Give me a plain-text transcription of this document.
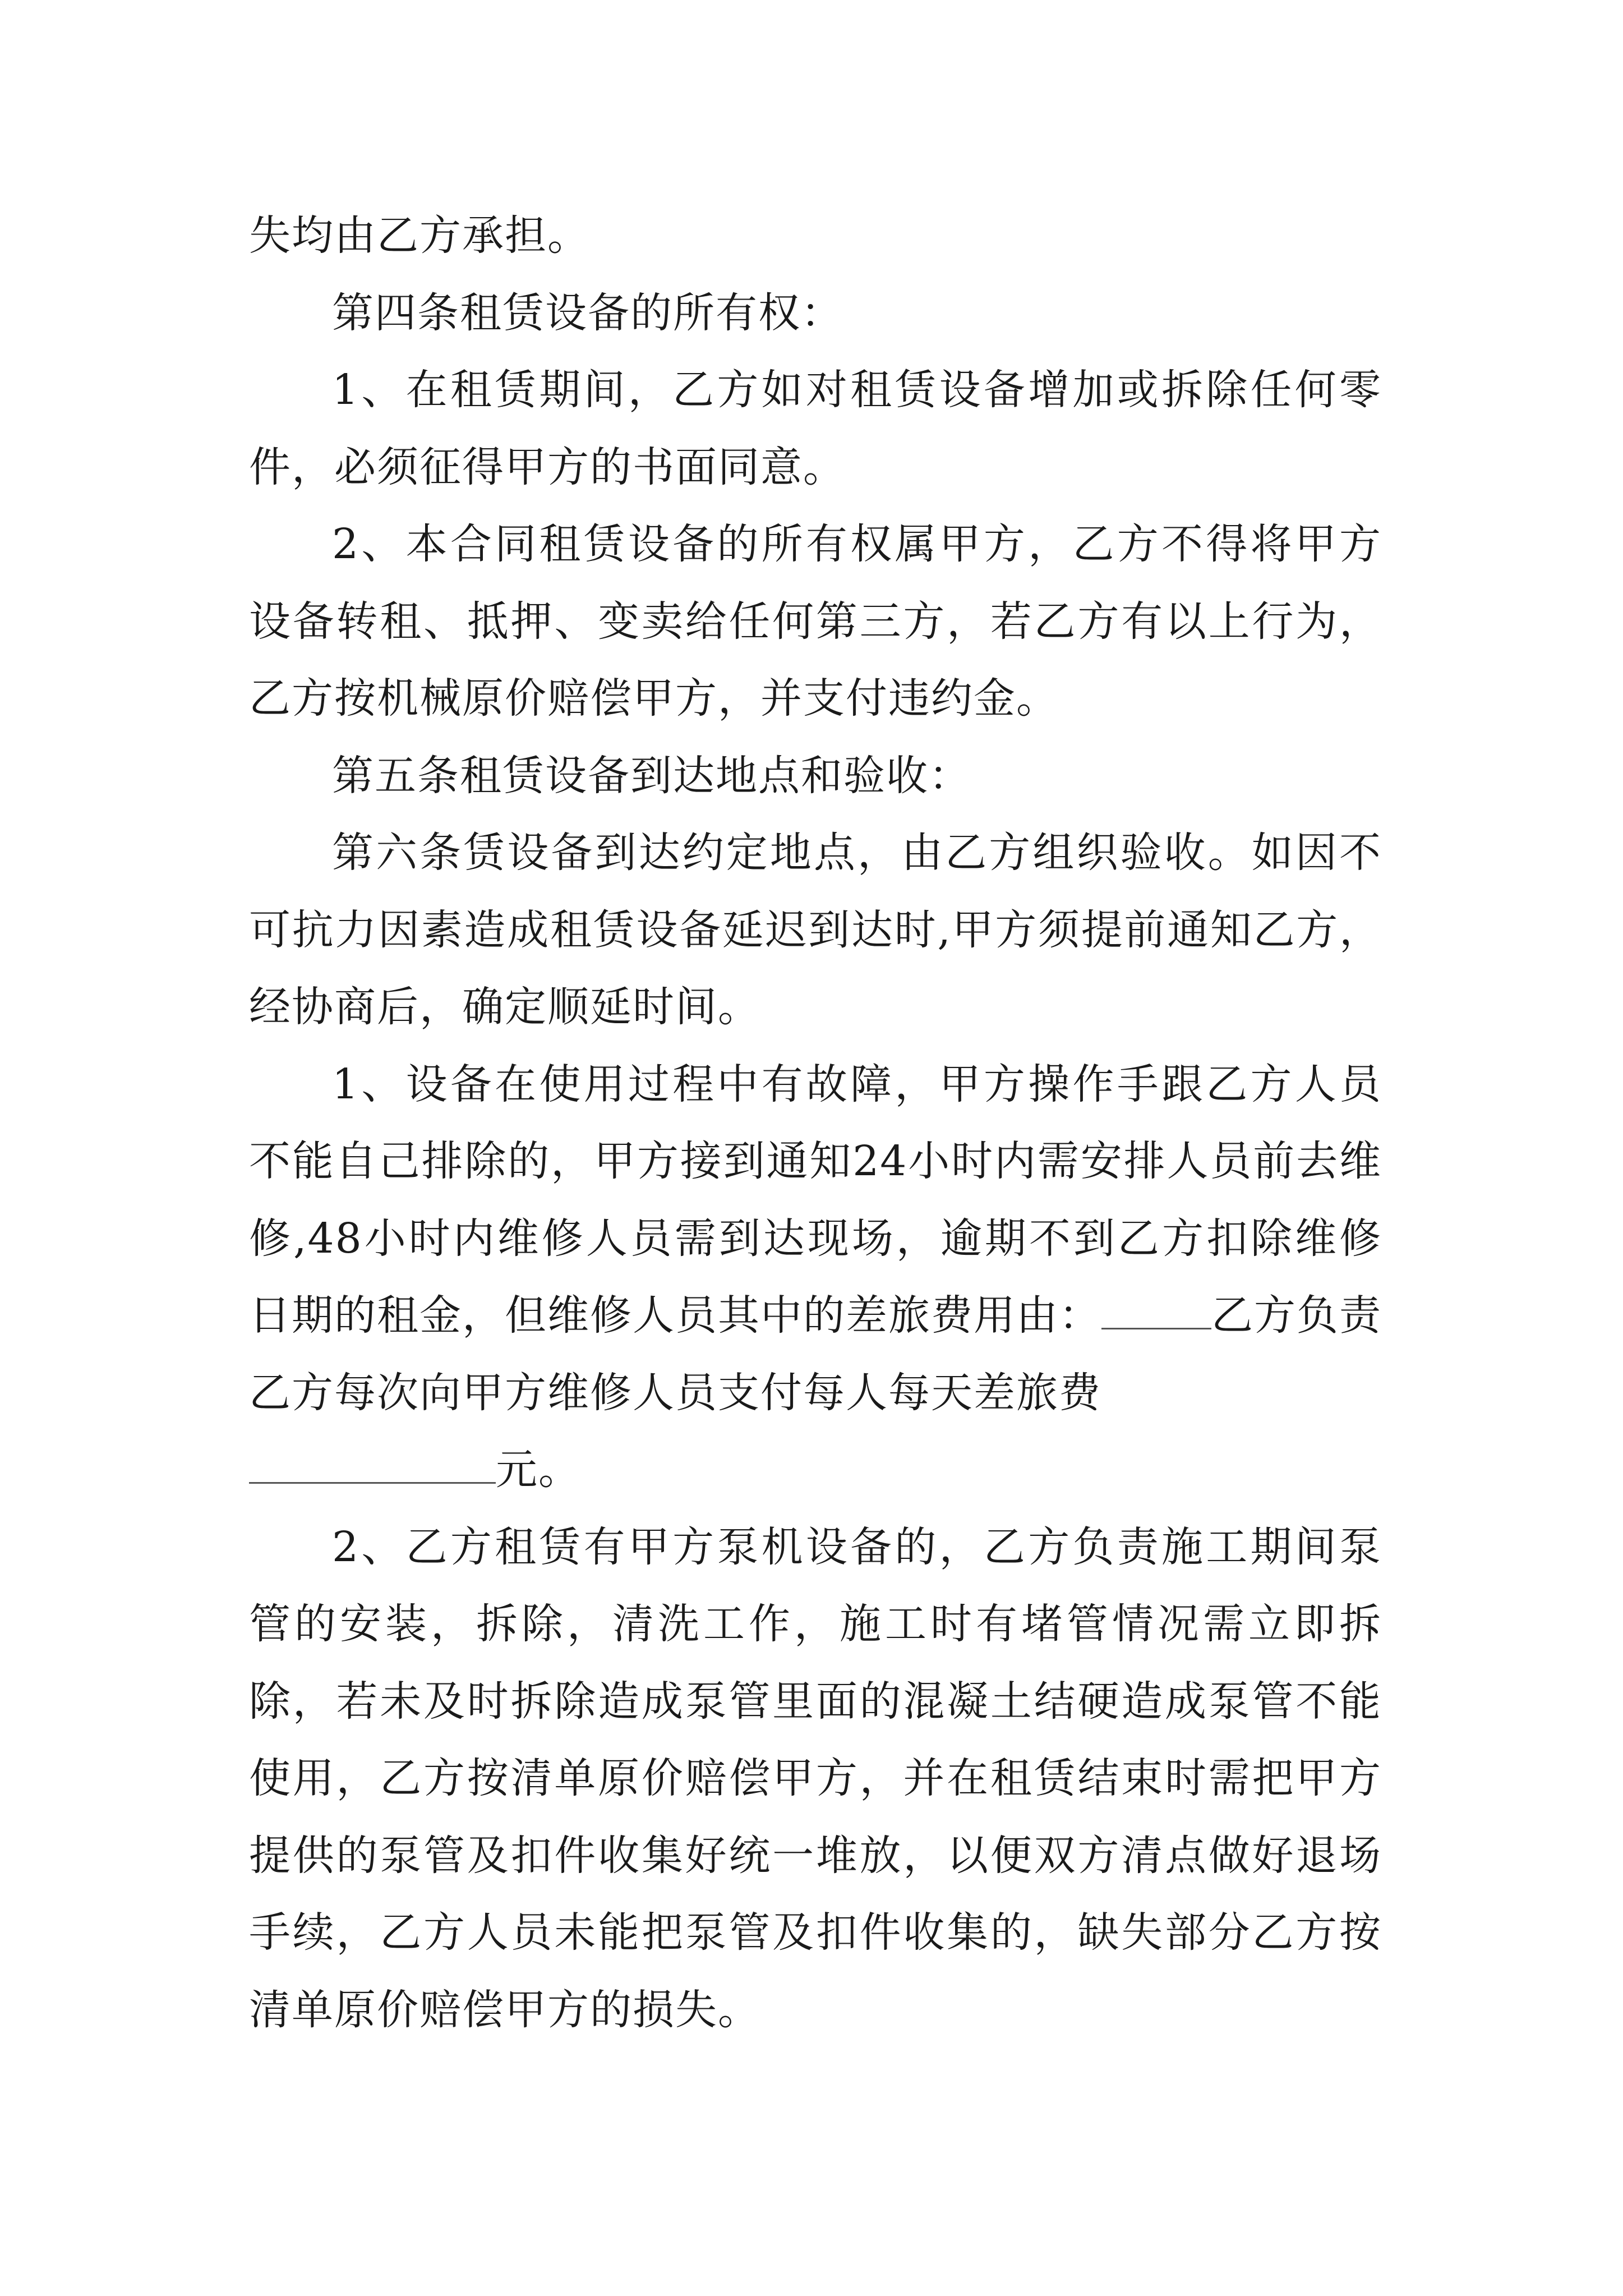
失均由乙方承担。

第四条租赁设备的所有权：

1、在租赁期间，乙方如对租赁设备增加或拆除任何零件，必须征得甲方的书面同意。

2、本合同租赁设备的所有权属甲方，乙方不得将甲方设备转租、抵押、变卖给任何第三方，若乙方有以上行为，乙方按机械原价赔偿甲方，并支付违约金。

第五条租赁设备到达地点和验收：

第六条赁设备到达约定地点，由乙方组织验收。如因不可抗力因素造成租赁设备延迟到达时,甲方须提前通知乙方，经协商后，确定顺延时间。

1、设备在使用过程中有故障，甲方操作手跟乙方人员不能自己排除的，甲方接到通知24小时内需安排人员前去维修,48小时内维修人员需到达现场，逾期不到乙方扣除维修日期的租金，但维修人员其中的差旅费用由：	乙方负责乙方每次向甲方维修人员支付每人每天差旅费
元。

2、乙方租赁有甲方泵机设备的，乙方负责施工期间泵管的安装，拆除，清洗工作，施工时有堵管情况需立即拆除，若未及时拆除造成泵管里面的混凝土结硬造成泵管不能使用，乙方按清单原价赔偿甲方，并在租赁结束时需把甲方提供的泵管及扣件收集好统一堆放，以便双方清点做好退场手续，乙方人员未能把泵管及扣件收集的，缺失部分乙方按清单原价赔偿甲方的损失。
